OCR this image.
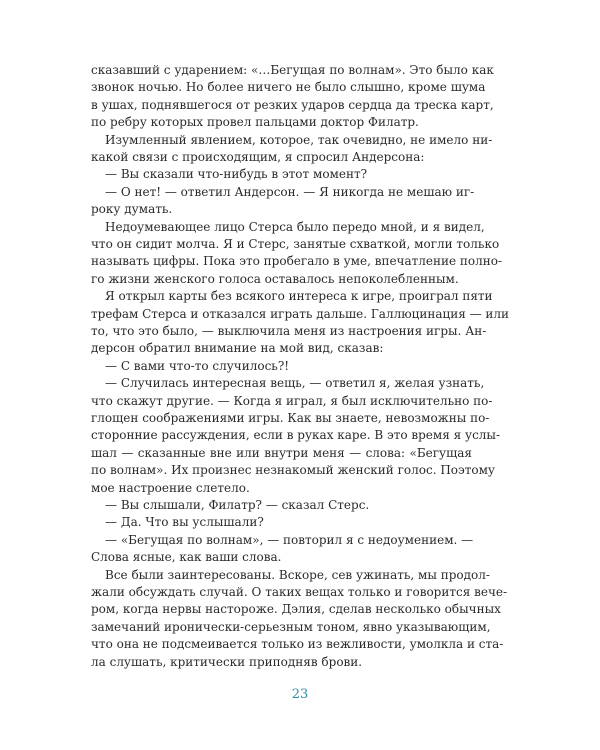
сказавший с ударением: «…Бегущая по волнам». Это было как
звонок ночью. Но более ничего не было слышно, кроме шума
в ушах, поднявшегося от резких ударов сердца да треска карт,
по ребру которых провел пальцами доктор Филатр.
Изумленный явлением, которое, так очевидно, не имело ни-
какой связи с происходящим, я спросил Андерсона:
— Вы сказали что-нибудь в этот момент?
— О нет! — ответил Андерсон. — Я никогда не мешаю иг-
року думать.
Недоумевающее лицо Стерса было передо мной, и я видел,
что он сидит молча. Я и Стерс, занятые схваткой, могли только
называть цифры. Пока это пробегало в уме, впечатление полно-
го жизни женского голоса оставалось непоколебленным.
Я открыл карты без всякого интереса к игре, проиграл пяти
трефам Стерса и отказался играть дальше. Галлюцинация — или
то, что это было, — выключила меня из настроения игры. Ан-
дерсон обратил внимание на мой вид, сказав:
— С вами что-то случилось?!
— Случилась интересная вещь, — ответил я, желая узнать,
что скажут другие. — Когда я играл, я был исключительно по-
глощен соображениями игры. Как вы знаете, невозможны по-
сторонние рассуждения, если в руках каре. В это время я услы-
шал — сказанные вне или внутри меня — слова: «Бегущая
по волнам». Их произнес незнакомый женский голос. Поэтому
мое настроение слетело.
— Вы слышали, Филатр? — сказал Стерс.
— Да. Что вы услышали?
— «Бегущая по волнам», — повторил я с недоумением. —
Слова ясные, как ваши слова.
Все были заинтересованы. Вскоре, сев ужинать, мы продол-
жали обсуждать случай. О таких вещах только и говорится вече-
ром, когда нервы настороже. Дэлия, сделав несколько обычных
замечаний иронически-серьезным тоном, явно указывающим,
что она не подсмеивается только из вежливости, умолкла и ста-
ла слушать, критически приподняв брови.
23
